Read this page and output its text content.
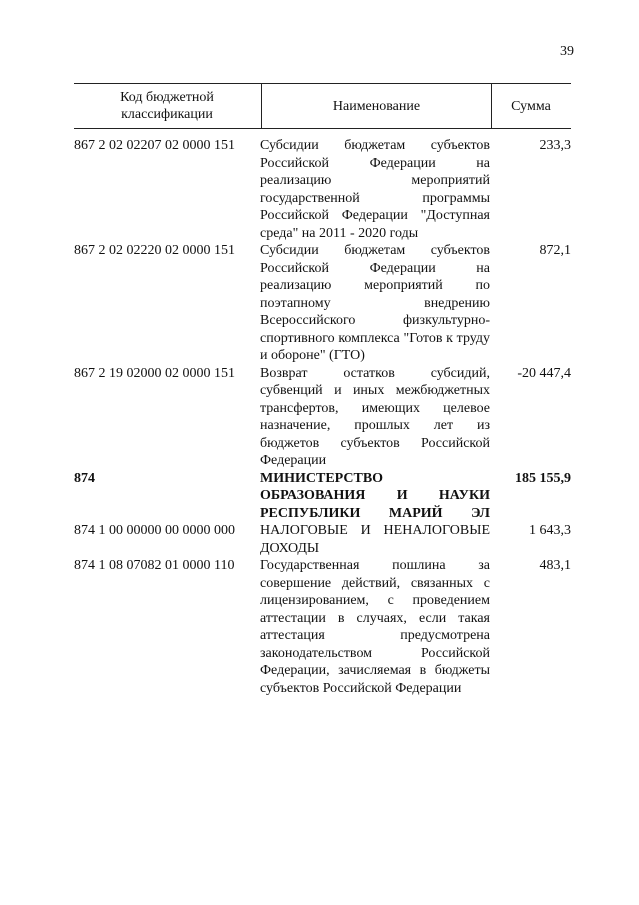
39
Код бюджетной классификации
Наименование	Сумма
867 2 02 02207 02 0000 151 Субсидии бюджетам субъектов Российской Федерации на реализацию мероприятий государственной программы Российской Федерации "Доступная среда" на 2011 - 2020 годы
233,3
867 2 02 02220 02 0000 151 Субсидии бюджетам субъектов Российской Федерации на реализацию мероприятий по поэтапному внедрению Всероссийского физкультурно-спортивного комплекса "Готов к труду и обороне" (ГТО)
872,1
867 2 19 02000 02 0000 151 Возврат остатков субсидий, субвенций и иных межбюджетных трансфертов, имеющих целевое назначение, прошлых лет из бюджетов субъектов Российской Федерации
-20 447,4
874	МИНИСТЕРСТВО ОБРАЗОВАНИЯ И НАУКИ РЕСПУБЛИКИ МАРИЙ ЭЛ
185 155,9
874 1 00 00000 00 0000 000 НАЛОГОВЫЕ И НЕНАЛОГОВЫЕ ДОХОДЫ
1 643,3
874 1 08 07082 01 0000 110 Государственная пошлина за совершение действий, связанных с лицензированием, с проведением аттестации в случаях, если такая аттестация предусмотрена законодательством Российской Федерации, зачисляемая в бюджеты субъектов Российской Федерации
483,1
